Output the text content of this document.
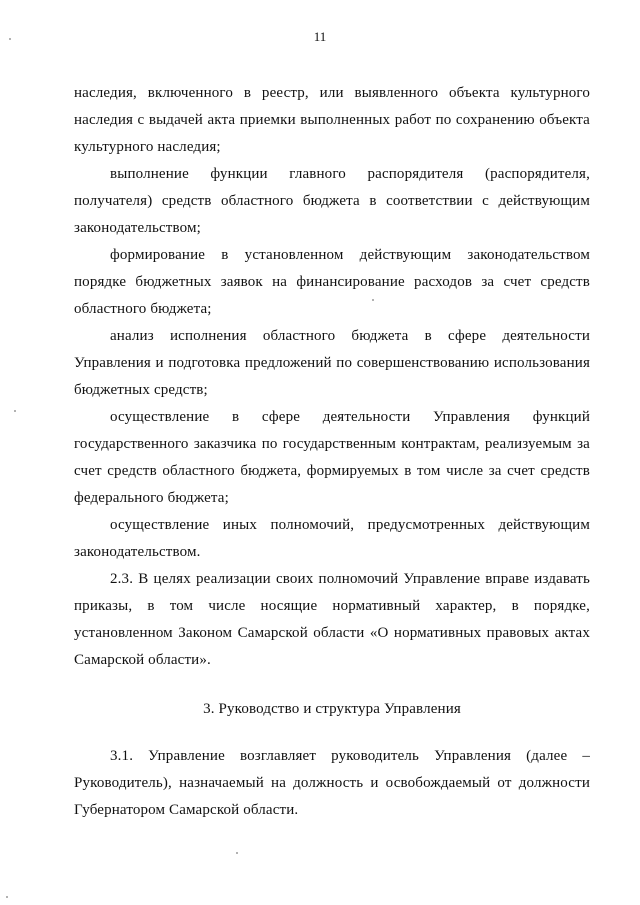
11

наследия, включенного в реестр, или выявленного объекта культурного наследия с выдачей акта приемки выполненных работ по сохранению объекта культурного наследия;

выполнение функции главного распорядителя (распорядителя, получателя) средств областного бюджета в соответствии с действующим законодательством;

формирование в установленном действующим законодательством порядке бюджетных заявок на финансирование расходов за счет средств областного бюджета;

анализ исполнения областного бюджета в сфере деятельности Управления и подготовка предложений по совершенствованию использования бюджетных средств;

осуществление в сфере деятельности Управления функций государственного заказчика по государственным контрактам, реализуемым за счет средств областного бюджета, формируемых в том числе за счет средств федерального бюджета;

осуществление иных полномочий, предусмотренных действующим законодательством.

2.3. В целях реализации своих полномочий Управление вправе издавать приказы, в том числе носящие нормативный характер, в порядке, установленном Законом Самарской области «О нормативных правовых актах Самарской области».

3. Руководство и структура Управления

3.1. Управление возглавляет руководитель Управления (далее – Руководитель), назначаемый на должность и освобождаемый от должности Губернатором Самарской области.
